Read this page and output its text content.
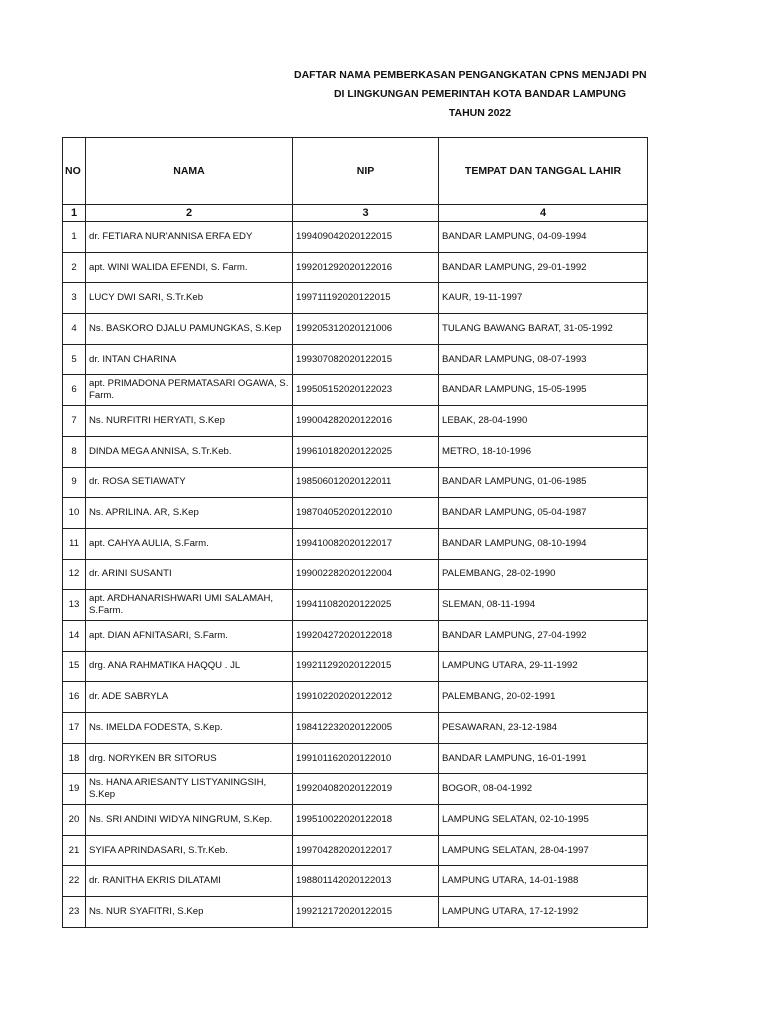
DAFTAR NAMA PEMBERKASAN PENGANGKATAN CPNS MENJADI PN
DI LINGKUNGAN PEMERINTAH KOTA BANDAR LAMPUNG
TAHUN 2022
NO	NAMA	NIP	TEMPAT DAN TANGGAL LAHIR
1	2	3	4
1	dr. FETIARA NUR'ANNISA ERFA EDY	199409042020122015	BANDAR LAMPUNG, 04-09-1994
2	apt. WINI WALIDA EFENDI, S. Farm.	199201292020122016	BANDAR LAMPUNG, 29-01-1992
3	LUCY DWI SARI, S.Tr.Keb	199711192020122015	KAUR, 19-11-1997
4	Ns. BASKORO DJALU PAMUNGKAS, S.Kep	199205312020121006	TULANG BAWANG BARAT, 31-05-1992
5	dr. INTAN CHARINA	199307082020122015	BANDAR LAMPUNG, 08-07-1993
6	apt. PRIMADONA PERMATASARI OGAWA, S. Farm.	199505152020122023	BANDAR LAMPUNG, 15-05-1995
7	Ns. NURFITRI HERYATI, S.Kep	199004282020122016	LEBAK, 28-04-1990
8	DINDA MEGA ANNISA, S.Tr.Keb.	199610182020122025	METRO, 18-10-1996
9	dr. ROSA SETIAWATY	198506012020122011	BANDAR LAMPUNG, 01-06-1985
10	Ns. APRILINA. AR, S.Kep	198704052020122010	BANDAR LAMPUNG, 05-04-1987
11	apt. CAHYA AULIA, S.Farm.	199410082020122017	BANDAR LAMPUNG, 08-10-1994
12	dr. ARINI SUSANTI	199002282020122004	PALEMBANG, 28-02-1990
13	apt. ARDHANARISHWARI UMI SALAMAH, S.Farm.	199411082020122025	SLEMAN, 08-11-1994
14	apt. DIAN AFNITASARI, S.Farm.	199204272020122018	BANDAR LAMPUNG, 27-04-1992
15	drg. ANA RAHMATIKA HAQQU . JL	199211292020122015	LAMPUNG UTARA, 29-11-1992
16	dr. ADE SABRYLA	199102202020122012	PALEMBANG, 20-02-1991
17	Ns. IMELDA FODESTA, S.Kep.	198412232020122005	PESAWARAN, 23-12-1984
18	drg. NORYKEN BR SITORUS	199101162020122010	BANDAR LAMPUNG, 16-01-1991
19	Ns. HANA ARIESANTY LISTYANINGSIH, S.Kep	199204082020122019	BOGOR, 08-04-1992
20	Ns. SRI ANDINI WIDYA NINGRUM, S.Kep.	199510022020122018	LAMPUNG SELATAN, 02-10-1995
21	SYIFA APRINDASARI, S.Tr.Keb.	199704282020122017	LAMPUNG SELATAN, 28-04-1997
22	dr. RANITHA EKRIS DILATAMI	198801142020122013	LAMPUNG UTARA, 14-01-1988
23	Ns. NUR SYAFITRI, S.Kep	199212172020122015	LAMPUNG UTARA, 17-12-1992
